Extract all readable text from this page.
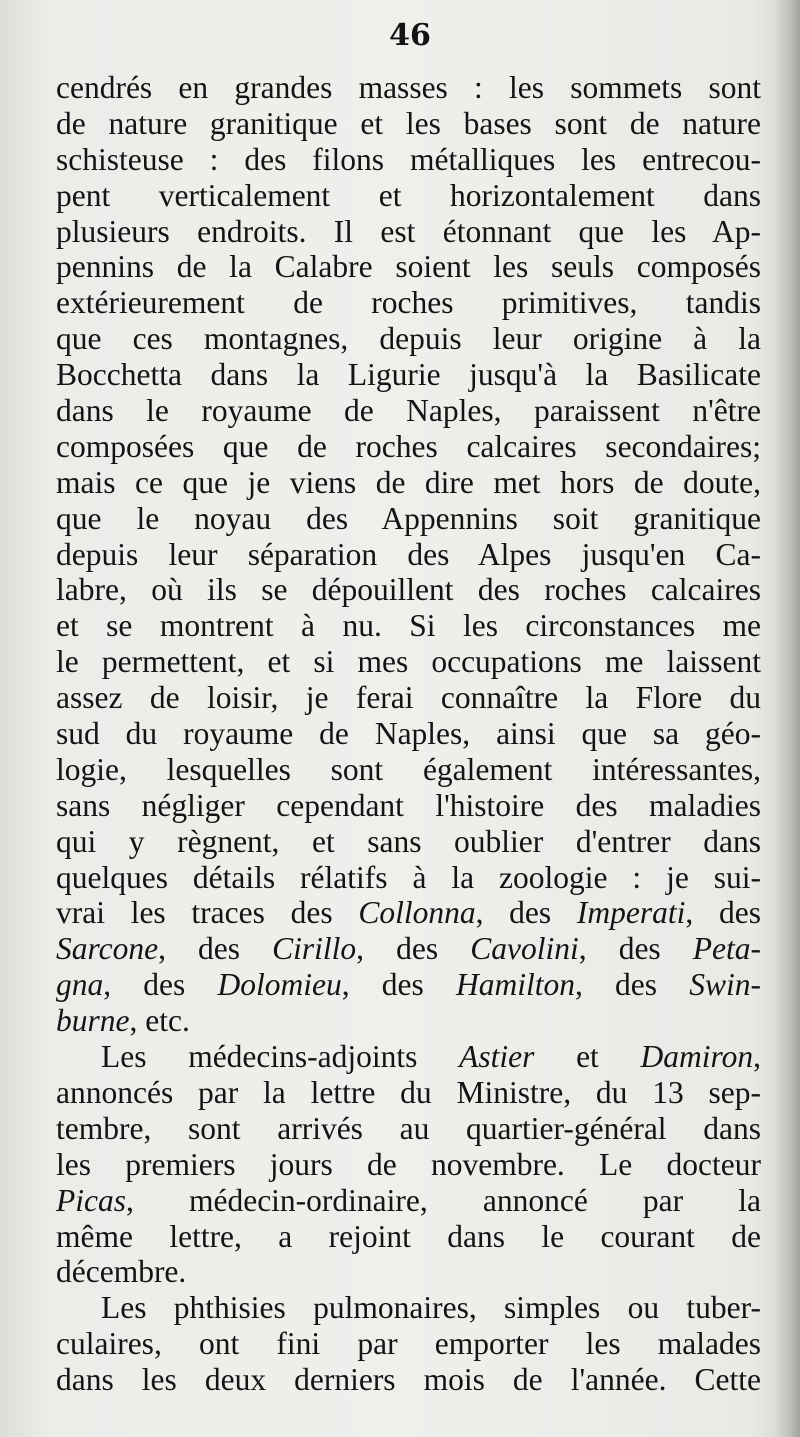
46
cendrés en grandes masses : les sommets sont
de nature granitique et les bases sont de nature
schisteuse : des filons métalliques les entrecou-
pent verticalement et horizontalement dans
plusieurs endroits. Il est étonnant que les Ap-
pennins de la Calabre soient les seuls composés
extérieurement de roches primitives, tandis
que ces montagnes, depuis leur origine à la
Bocchetta dans la Ligurie jusqu'à la Basilicate
dans le royaume de Naples, paraissent n'être
composées que de roches calcaires secondaires;
mais ce que je viens de dire met hors de doute,
que le noyau des Appennins soit granitique
depuis leur séparation des Alpes jusqu'en Ca-
labre, où ils se dépouillent des roches calcaires
et se montrent à nu. Si les circonstances me
le permettent, et si mes occupations me laissent
assez de loisir, je ferai connaître la Flore du
sud du royaume de Naples, ainsi que sa géo-
logie, lesquelles sont également intéressantes,
sans négliger cependant l'histoire des maladies
qui y règnent, et sans oublier d'entrer dans
quelques détails rélatifs à la zoologie : je sui-
vrai les traces des Collonna, des Imperati, des
Sarcone, des Cirillo, des Cavolini, des Peta-
gna, des Dolomieu, des Hamilton, des Swin-
burne, etc.
Les médecins-adjoints Astier et Damiron,
annoncés par la lettre du Ministre, du 13 sep-
tembre, sont arrivés au quartier-général dans
les premiers jours de novembre. Le docteur
Picas, médecin-ordinaire, annoncé par la
même lettre, a rejoint dans le courant de
décembre.
Les phthisies pulmonaires, simples ou tuber-
culaires, ont fini par emporter les malades
dans les deux derniers mois de l'année. Cette
